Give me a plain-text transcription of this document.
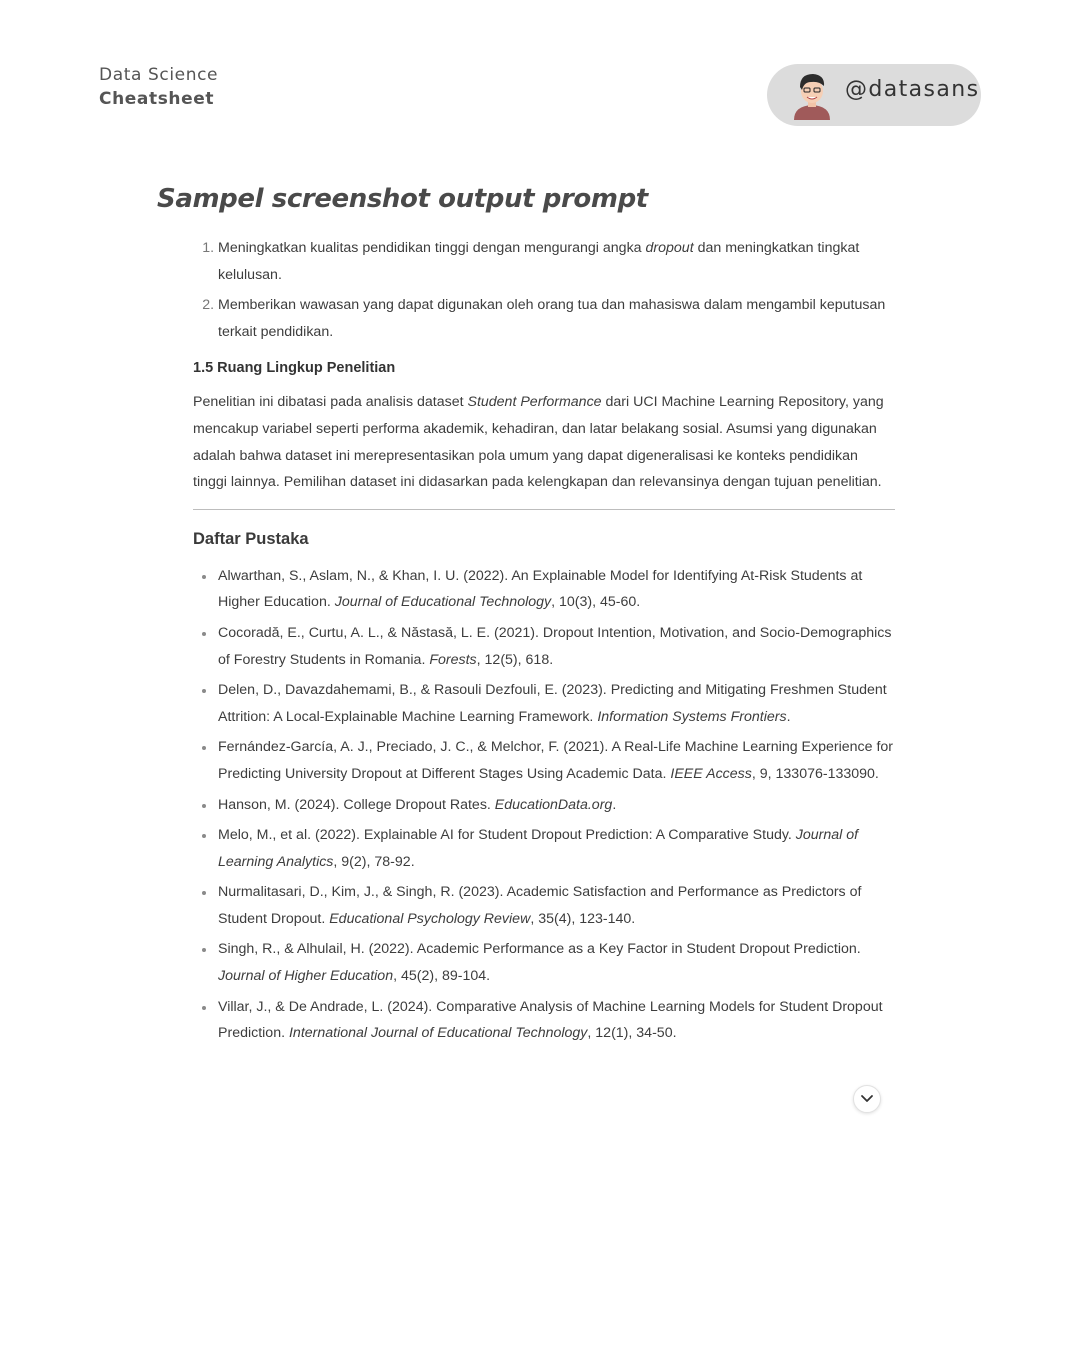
Data Science
Cheatsheet	@datasans
Sampel screenshot output prompt
1. Meningkatkan kualitas pendidikan tinggi dengan mengurangi angka dropout dan meningkatkan tingkat kelulusan.
2. Memberikan wawasan yang dapat digunakan oleh orang tua dan mahasiswa dalam mengambil keputusan terkait pendidikan.
1.5 Ruang Lingkup Penelitian

Penelitian ini dibatasi pada analisis dataset Student Performance dari UCI Machine Learning Repository, yang mencakup variabel seperti performa akademik, kehadiran, dan latar belakang sosial. Asumsi yang digunakan adalah bahwa dataset ini merepresentasikan pola umum yang dapat digeneralisasi ke konteks pendidikan tinggi lainnya. Pemilihan dataset ini didasarkan pada kelengkapan dan relevansinya dengan tujuan penelitian.

Daftar Pustaka
Alwarthan, S., Aslam, N., & Khan, I. U. (2022). An Explainable Model for Identifying At-Risk Students at Higher Education. Journal of Educational Technology, 10(3), 45-60.
Cocoradă, E., Curtu, A. L., & Năstasă, L. E. (2021). Dropout Intention, Motivation, and Socio-Demographics of Forestry Students in Romania. Forests, 12(5), 618.
Delen, D., Davazdahemami, B., & Rasouli Dezfouli, E. (2023). Predicting and Mitigating Freshmen Student Attrition: A Local-Explainable Machine Learning Framework. Information Systems Frontiers.
Fernández-García, A. J., Preciado, J. C., & Melchor, F. (2021). A Real-Life Machine Learning Experience for Predicting University Dropout at Different Stages Using Academic Data. IEEE Access, 9, 133076-133090.
Hanson, M. (2024). College Dropout Rates. EducationData.org.
Melo, M., et al. (2022). Explainable AI for Student Dropout Prediction: A Comparative Study. Journal of Learning Analytics, 9(2), 78-92.
Nurmalitasari, D., Kim, J., & Singh, R. (2023). Academic Satisfaction and Performance as Predictors of Student Dropout. Educational Psychology Review, 35(4), 123-140.
Singh, R., & Alhulail, H. (2022). Academic Performance as a Key Factor in Student Dropout Prediction. Journal of Higher Education, 45(2), 89-104.
Villar, J., & De Andrade, L. (2024). Comparative Analysis of Machine Learning Models for Student Dropout Prediction. International Journal of Educational Technology, 12(1), 34-50.
